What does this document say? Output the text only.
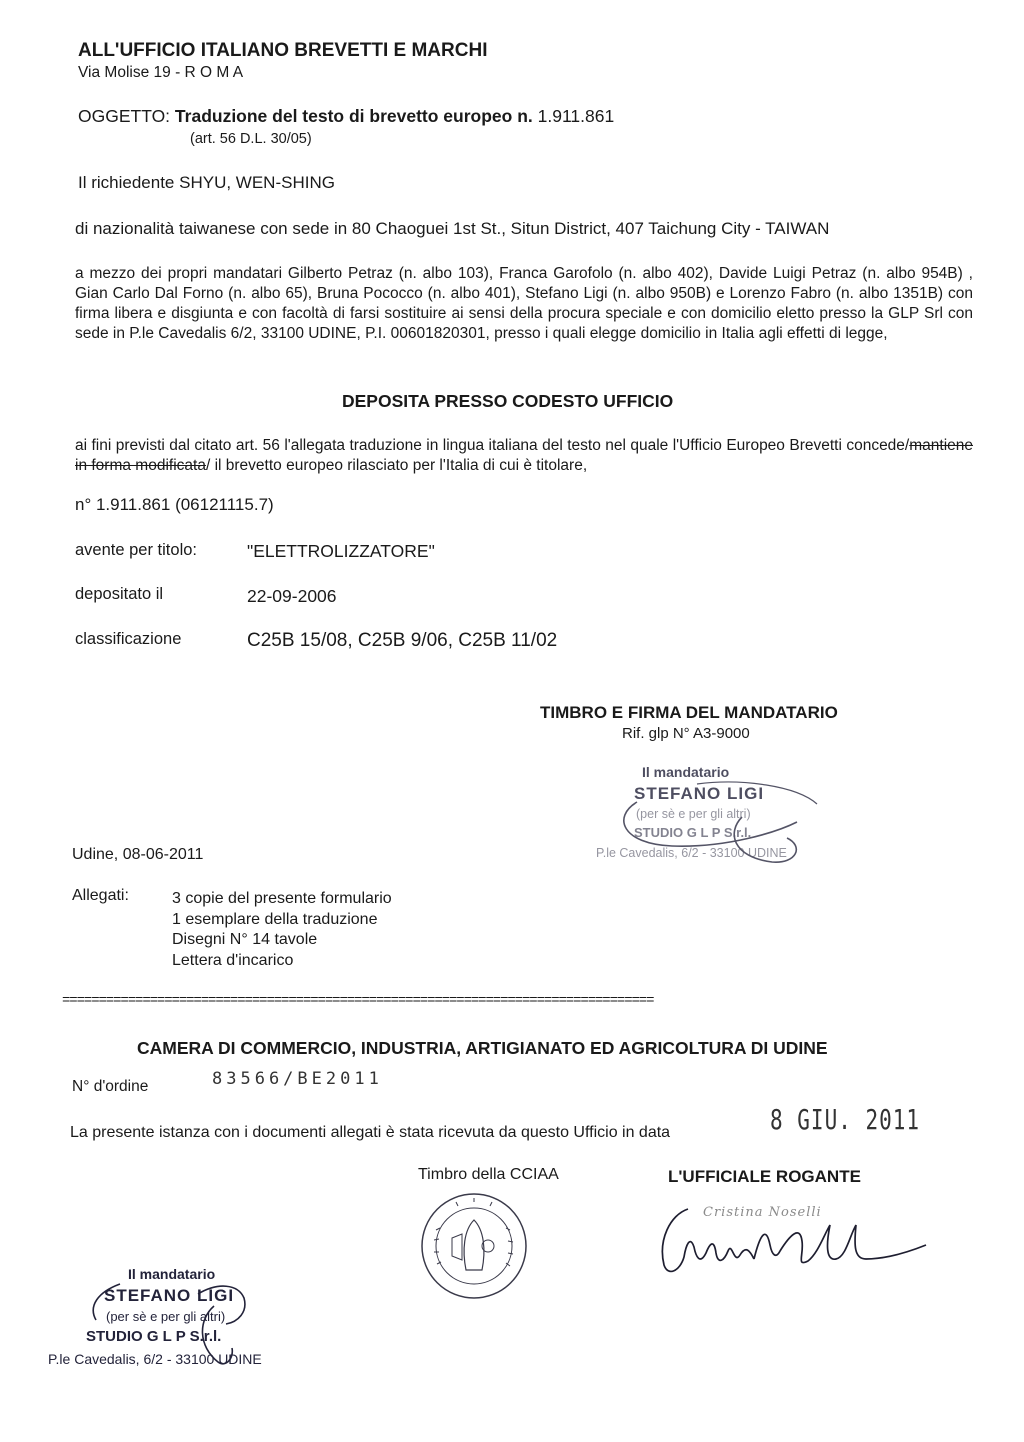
ALL'UFFICIO ITALIANO BREVETTI E MARCHI
Via Molise 19 - R O M A
OGGETTO: Traduzione del testo di brevetto europeo n. 1.911.861
(art. 56 D.L. 30/05)
Il richiedente SHYU, WEN-SHING
di nazionalità taiwanese con sede in 80 Chaoguei 1st St., Situn District, 407 Taichung City - TAIWAN
a mezzo dei propri mandatari Gilberto Petraz (n. albo 103), Franca Garofolo (n. albo 402), Davide Luigi Petraz (n. albo 954B) , Gian Carlo Dal Forno (n. albo 65), Bruna Pococco (n. albo 401), Stefano Ligi (n. albo 950B) e Lorenzo Fabro (n. albo 1351B) con firma libera e disgiunta e con facoltà di farsi sostituire ai sensi della procura speciale e con domicilio eletto presso la GLP Srl con sede in P.le Cavedalis 6/2, 33100 UDINE, P.I. 00601820301, presso i quali elegge domicilio in Italia agli effetti di legge,
DEPOSITA PRESSO CODESTO UFFICIO
ai fini previsti dal citato art. 56 l'allegata traduzione in lingua italiana del testo nel quale l'Ufficio Europeo Brevetti concede/mantiene in forma modificata/ il brevetto europeo rilasciato per l'Italia di cui è titolare,
n° 1.911.861 (06121115.7)
avente per titolo:	"ELETTROLIZZATORE"
depositato il	22-09-2006
classificazione	C25B 15/08, C25B 9/06, C25B 11/02
TIMBRO E FIRMA DEL MANDATARIO
Rif. glp N° A3-9000
Il mandatario
STEFANO LIGI
(per sè e per gli altri)
STUDIO G L P S.r.l.
P.le Cavedalis, 6/2 - 33100 UDINE
Udine, 08-06-2011
Allegati:	3 copie del presente formulario
1 esemplare della traduzione
Disegni N° 14 tavole
Lettera d'incarico
=================================================================================
CAMERA DI COMMERCIO, INDUSTRIA, ARTIGIANATO ED AGRICOLTURA DI UDINE
N° d'ordine	83566/BE2011
La presente istanza con i documenti allegati è stata ricevuta da questo Ufficio in data	8 GIU. 2011
Timbro della CCIAA	L'UFFICIALE ROGANTE
Cristina Noselli
Il mandatario
STEFANO LIGI
(per sè e per gli altri)
STUDIO G L P S.r.l.
P.le Cavedalis, 6/2 - 33100 UDINE
